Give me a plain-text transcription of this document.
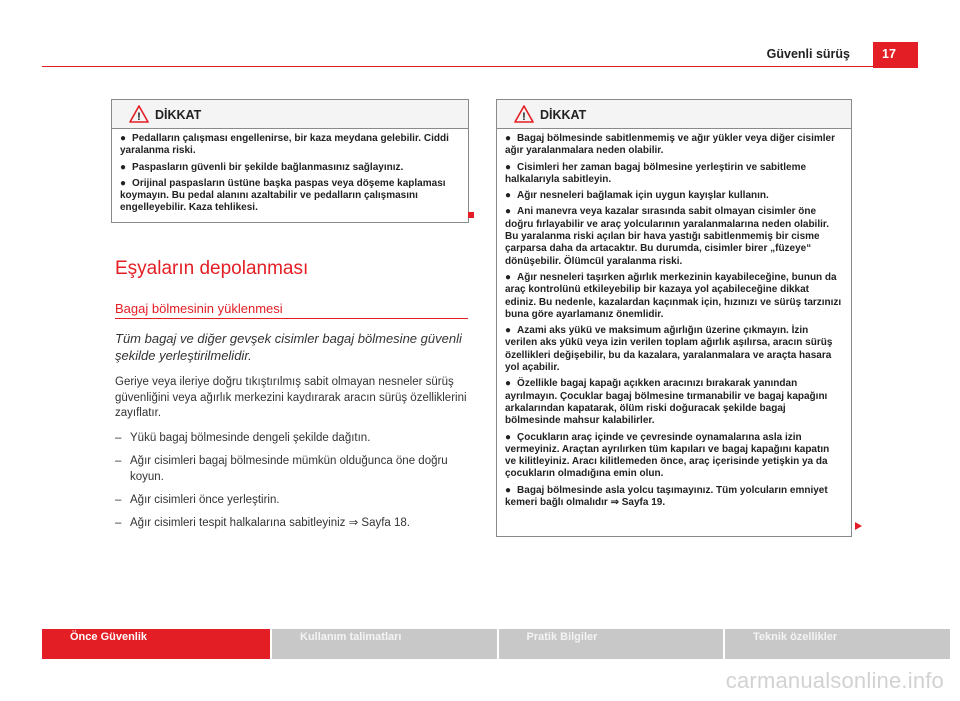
Güvenli sürüş	17
! DİKKAT

● Pedalların çalışması engellenirse, bir kaza meydana gelebilir. Ciddi yaralanma riski.

● Paspasların güvenli bir şekilde bağlanmasınız sağlayınız.

● Orijinal paspasların üstüne başka paspas veya döşeme kaplaması koymayın. Bu pedal alanını azaltabilir ve pedalların çalışmasını engelleyebilir. Kaza tehlikesi.

Eşyaların depolanması
Bagaj bölmesinin yüklenmesi

Tüm bagaj ve diğer gevşek cisimler bagaj bölmesine güvenli şekilde yerleştirilmelidir.

Geriye veya ileriye doğru tıkıştırılmış sabit olmayan nesneler sürüş güvenliğini veya ağırlık merkezini kaydırarak aracın sürüş özelliklerini zayıflatır.

– Yükü bagaj bölmesinde dengeli şekilde dağıtın.
– Ağır cisimleri bagaj bölmesinde mümkün olduğunca öne doğru koyun.
– Ağır cisimleri önce yerleştirin.
– Ağır cisimleri tespit halkalarına sabitleyiniz ⇒ Sayfa 18.
! DİKKAT

● Bagaj bölmesinde sabitlenmemiş ve ağır yükler veya diğer cisimler ağır yaralanmalara neden olabilir.

● Cisimleri her zaman bagaj bölmesine yerleştirin ve sabitleme halkalarıyla sabitleyin.

● Ağır nesneleri bağlamak için uygun kayışlar kullanın.

● Ani manevra veya kazalar sırasında sabit olmayan cisimler öne doğru fırlayabilir ve araç yolcularının yaralanmalarına neden olabilir. Bu yaralanma riski açılan bir hava yastığı sabitlenmemiş bir cisme çarparsa daha da artacaktır. Bu durumda, cisimler birer „füzeye“ dönüşebilir. Ölümcül yaralanma riski.

● Ağır nesneleri taşırken ağırlık merkezinin kayabileceğine, bunun da araç kontrolünü etkileyebilip bir kazaya yol açabileceğine dikkat ediniz. Bu nedenle, kazalardan kaçınmak için, hızınızı ve sürüş tarzınızı buna göre ayarlamanız önemlidir.

● Azami aks yükü ve maksimum ağırlığın üzerine çıkmayın. İzin verilen aks yükü veya izin verilen toplam ağırlık aşılırsa, aracın sürüş özellikleri değişebilir, bu da kazalara, yaralanmalara ve araçta hasara yol açabilir.

● Özellikle bagaj kapağı açıkken aracınızı bırakarak yanından ayrılmayın. Çocuklar bagaj bölmesine tırmanabilir ve bagaj kapağını arkalarından kapatarak, ölüm riski doğuracak şekilde bagaj bölmesinde mahsur kalabilirler.

● Çocukların araç içinde ve çevresinde oynamalarına asla izin vermeyiniz. Araçtan ayrılırken tüm kapıları ve bagaj kapağını kapatın ve kilitleyiniz. Aracı kilitlemeden önce, araç içerisinde yetişkin ya da çocukların olmadığına emin olun.

● Bagaj bölmesinde asla yolcu taşımayınız. Tüm yolcuların emniyet kemeri bağlı olmalıdır ⇒ Sayfa 19.

Önce Güvenlik	Kullanım talimatları	Pratik Bilgiler	Teknik özellikler
carmanualsonline.info
